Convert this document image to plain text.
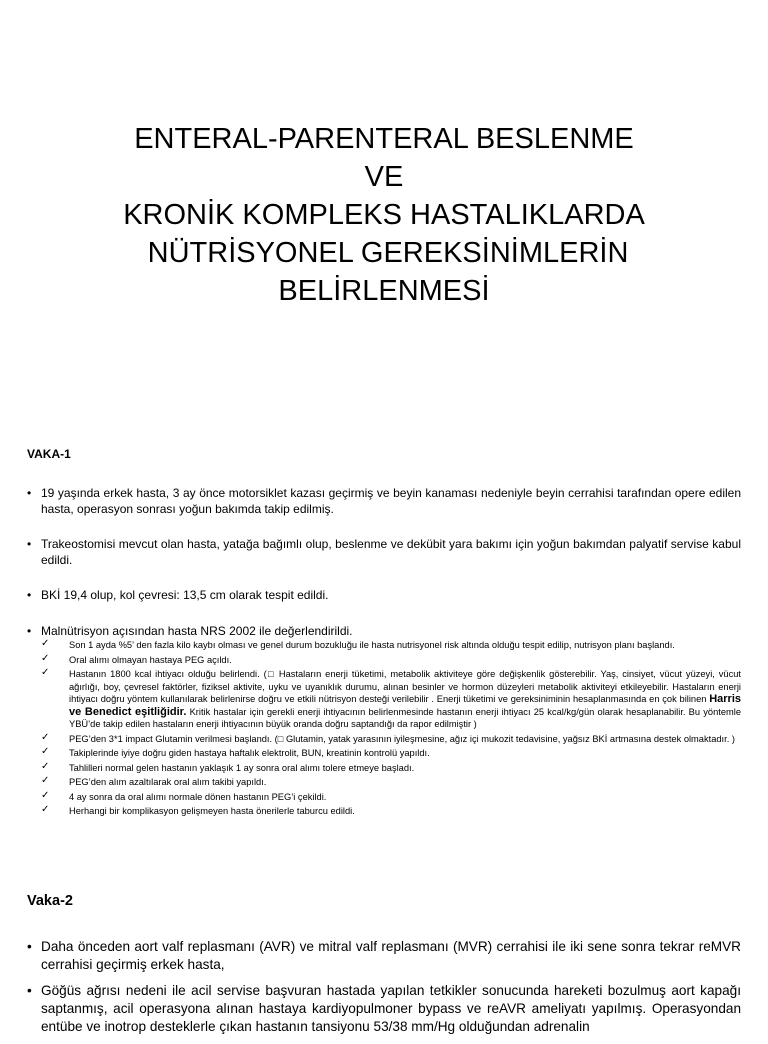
ENTERAL-PARENTERAL BESLENME
VE
KRONİK KOMPLEKS HASTALIKLARDA
NÜTRİSYONEL GEREKSİNİMLERİN
BELİRLENMESİ
VAKA-1
• 19 yaşında erkek hasta, 3 ay önce motorsiklet kazası geçirmiş ve beyin kanaması nedeniyle beyin cerrahisi tarafından opere edilen hasta, operasyon sonrası yoğun bakımda takip edilmiş.
• Trakeostomisi mevcut olan hasta, yatağa bağımlı olup, beslenme ve dekübit yara bakımı için yoğun bakımdan palyatif servise kabul edildi.
• BKİ 19,4 olup, kol çevresi: 13,5 cm olarak tespit edildi.
• Malnütrisyon açısından hasta NRS 2002 ile değerlendirildi.
✓ Son 1 ayda %5’ den fazla kilo kaybı olması ve genel durum bozukluğu ile hasta nutrisyonel risk altında olduğu tespit edilip, nutrisyon planı başlandı.
✓ Oral alımı olmayan hastaya PEG açıldı.
✓ Hastanın 1800 kcal ihtiyacı olduğu belirlendi. (□ Hastaların enerji tüketimi, metabolik aktiviteye göre değişkenlik gösterebilir. Yaş, cinsiyet, vücut yüzeyi, vücut ağırlığı, boy, çevresel faktörler, fiziksel aktivite, uyku ve uyanıklık durumu, alınan besinler ve hormon düzeyleri metabolik aktiviteyi etkileyebilir. Hastaların enerji ihtiyacı doğru yöntem kullanılarak belirlenirse doğru ve etkili nütrisyon desteği verilebilir . Enerji tüketimi ve gereksiniminin hesaplanmasında en çok bilinen Harris ve Benedict eşitliğidir. Kritik hastalar için gerekli enerji ihtiyacının belirlenmesinde hastanın enerji ihtiyacı 25 kcal/kg/gün olarak hesaplanabilir. Bu yöntemle YBÜ’de takip edilen hastaların enerji ihtiyacının büyük oranda doğru saptandığı da rapor edilmiştir )
✓ PEG’den 3*1 impact Glutamin verilmesi başlandı. (□ Glutamin, yatak yarasının iyileşmesine, ağız içi mukozit tedavisine, yağsız BKİ artmasına destek olmaktadır. )
✓ Takiplerinde iyiye doğru giden hastaya haftalık elektrolit, BUN, kreatinin kontrolü yapıldı.
✓ Tahlilleri normal gelen hastanın yaklaşık 1 ay sonra oral alımı tolere etmeye başladı.
✓ PEG’den alım azaltılarak oral alım takibi yapıldı.
✓ 4 ay sonra da oral alımı normale dönen hastanın PEG’i çekildi.
✓ Herhangi bir komplikasyon gelişmeyen hasta önerilerle taburcu edildi.
Vaka-2
• Daha önceden aort valf replasmanı (AVR) ve mitral valf replasmanı (MVR) cerrahisi ile iki sene sonra tekrar reMVR cerrahisi geçirmiş erkek hasta,
• Göğüs ağrısı nedeni ile acil servise başvuran hastada yapılan tetkikler sonucunda hareketi bozulmuş aort kapağı saptanmış, acil operasyona alınan hastaya kardiyopulmoner bypass ve reAVR ameliyatı yapılmış. Operasyondan entübe ve inotrop desteklerle çıkan hastanın tansiyonu 53/38 mm/Hg olduğundan adrenalin
